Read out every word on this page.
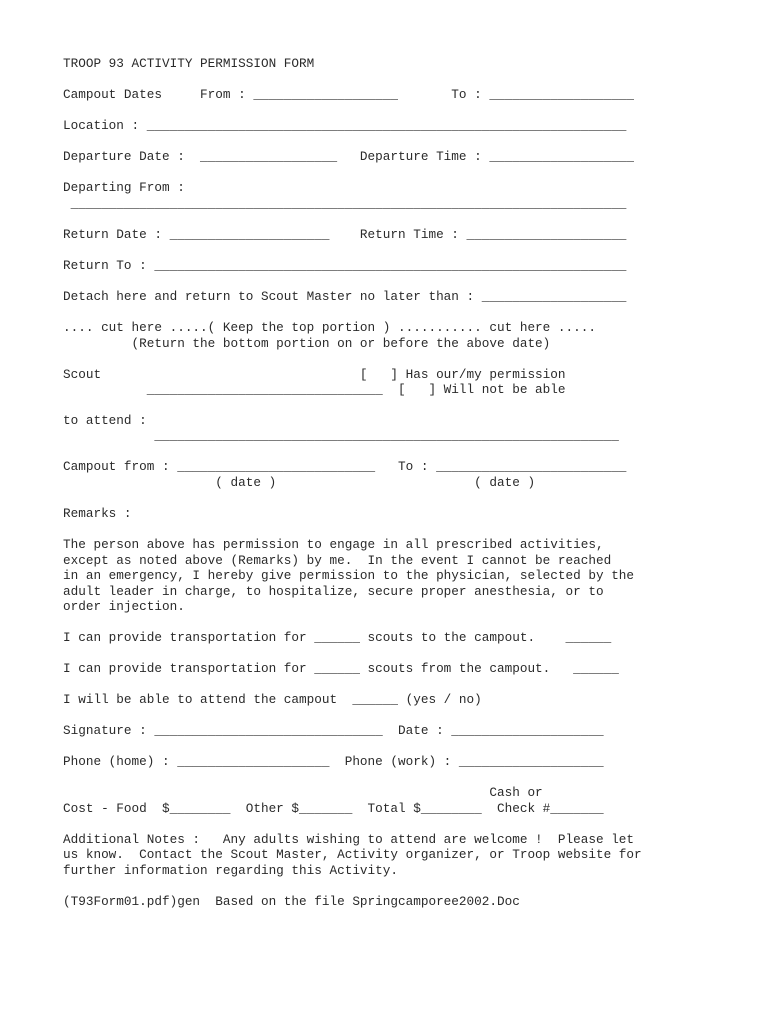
TROOP 93 ACTIVITY PERMISSION FORM
Campout Dates     From : ___________________       To : ___________________
Location : _______________________________________________________________
Departure Date :  __________________   Departure Time : ___________________
Departing From :
_________________________________________________________________________
Return Date : _____________________    Return Time : _____________________
Return To : ______________________________________________________________
Detach here and return to Scout Master no later than : ___________________
.... cut here .....( Keep the top portion ) ........... cut here .....
(Return the bottom portion on or before the above date)
Scout                                  [   ] Has our/my permission
_______________________________  [   ] Will not be able
to attend :
_____________________________________________________________
Campout from : __________________________   To : _________________________
( date )                          ( date )
Remarks :
The person above has permission to engage in all prescribed activities,
except as noted above (Remarks) by me.  In the event I cannot be reached
in an emergency, I hereby give permission to the physician, selected by the
adult leader in charge, to hospitalize, secure proper anesthesia, or to
order injection.
I can provide transportation for ______ scouts to the campout.    ______
I can provide transportation for ______ scouts from the campout.   ______
I will be able to attend the campout  ______ (yes / no)
Signature : ______________________________  Date : ____________________
Phone (home) : ____________________  Phone (work) : ___________________
Cash or
Cost - Food  $________  Other $_______  Total $________  Check #_______
Additional Notes :   Any adults wishing to attend are welcome !  Please let
us know.  Contact the Scout Master, Activity organizer, or Troop website for
further information regarding this Activity.
(T93Form01.pdf)gen  Based on the file Springcamporee2002.Doc
